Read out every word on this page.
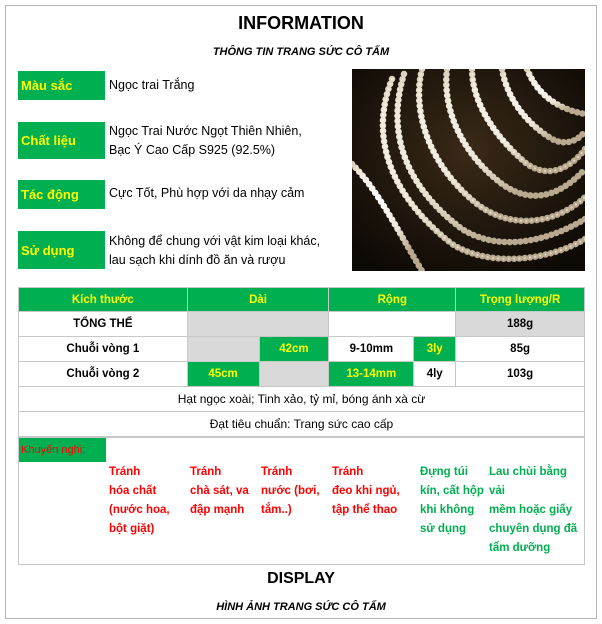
INFORMATION
THÔNG TIN TRANG SỨC CÔ TẤM
Màu sắc	Ngọc trai Trắng
Chất liệu
Ngọc Trai Nước Ngọt Thiên Nhiên,
Bạc Ý Cao Cấp S925 (92.5%)
Tác động	Cực Tốt, Phù hợp với da nhạy cảm
Sử dụng
Không để chung với vật kim loại khác,
lau sạch khi dính đồ ăn và rượu
Kích thước	Dài		Rộng		Trọng lượng/R
TỔNG THỂ					188g
Chuỗi vòng 1		42cm	9-10mm	3ly	85g
Chuỗi vòng 2	45cm		13-14mm	4ly	103g
Hạt ngọc xoài; Tinh xảo, tỷ mỉ, bóng ánh xà cừ					
Đạt tiêu chuẩn: Trang sức cao cấp					
Khuyến nghị:
Tránh
hóa chất
(nước hoa,
bột giặt)
Tránh
chà sát, va
đập mạnh
Tránh
nước (bơi,
tắm..)
Tránh
đeo khi ngủ,
tập thể thao
Đựng túi
kín, cất hộp
khi không
sử dụng
Lau chùi bằng vải
mềm hoặc giấy
chuyên dụng đã
tẩm dưỡng
DISPLAY
HÌNH ẢNH TRANG SỨC CÔ TẤM
